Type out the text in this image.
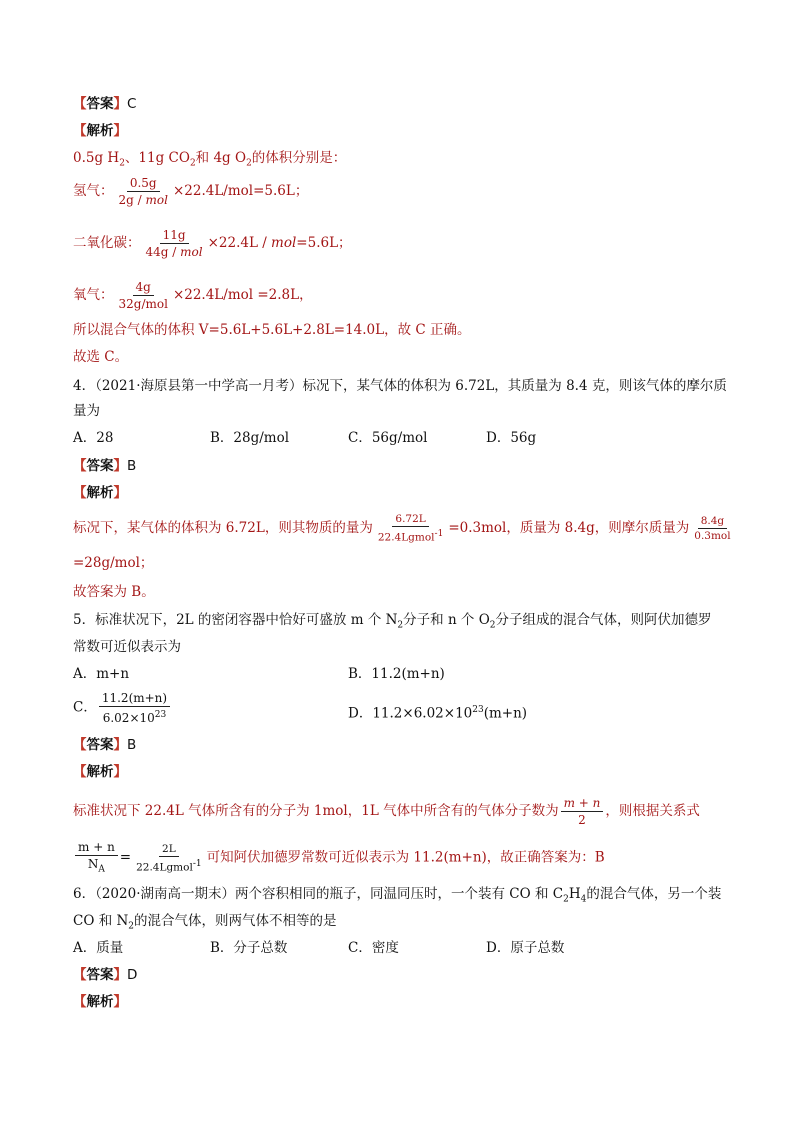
【答案】C
【解析】
0.5g $H_2$、11g $CO_2$和 4g $O_2$的体积分别是：
氢气： $\frac{0.5g}{\text{2g / mol}} \times 22.4L/mol=5.6L$；
二氧化碳： $\frac{11g}{\text{44g / mol}} \times 22.4L / mol=5.6L$；
氧气： $\frac{4g}{\text{32g/mol}} \times 22.4L/mol =2.8L$，
所以混合气体的体积 V=5.6L+5.6L+2.8L=14.0L，故 C 正确。
故选 C。
4．（2021·海原县第一中学高一月考）标况下，某气体的体积为 6.72L，其质量为 8.4 克，则该气体的摩尔质
量为
A．28	B．28g/mol	C．56g/mol	D．56g
【答案】B
【解析】
标况下，某气体的体积为 6.72L，则其物质的量为 $\frac{6.72L}{22.4Lgmol^{-1}} =0.3mol$，质量为 8.4g，则摩尔质量为 $\frac{8.4g}{\text{0.3mol}}$
=28g/mol；
故答案为 B。
5．标准状况下，2L 的密闭容器中恰好可盛放 m 个 $N_2$分子和 n 个 $O_2$分子组成的混合气体，则阿伏加德罗
常数可近似表示为
A．m+n	B．11.2(m+n)
C． $\frac{11.2(m+n)}{6.02\times 10^{23}}$	D．$11.2\times 6.02\times 10^{23}(m+n)$
【答案】B
【解析】
标准状况下 22.4L 气体所含有的分子为 1mol，1L 气体中所含有的气体分子数为 $\frac{m + n}{2}$ ，则根据关系式
$\frac{m + n}{N_A} = \frac{2L}{22.4Lgmol^{-1}}$ 可知阿伏加德罗常数可近似表示为 11.2(m+n)，故正确答案为：B
6．（2020·湖南高一期末）两个容积相同的瓶子，同温同压时，一个装有 CO 和 $C_2H_4$的混合气体，另一个装
CO 和 $N_2$的混合气体，则两气体不相等的是
A．质量	B．分子总数	C．密度	D．原子总数
【答案】D
【解析】
